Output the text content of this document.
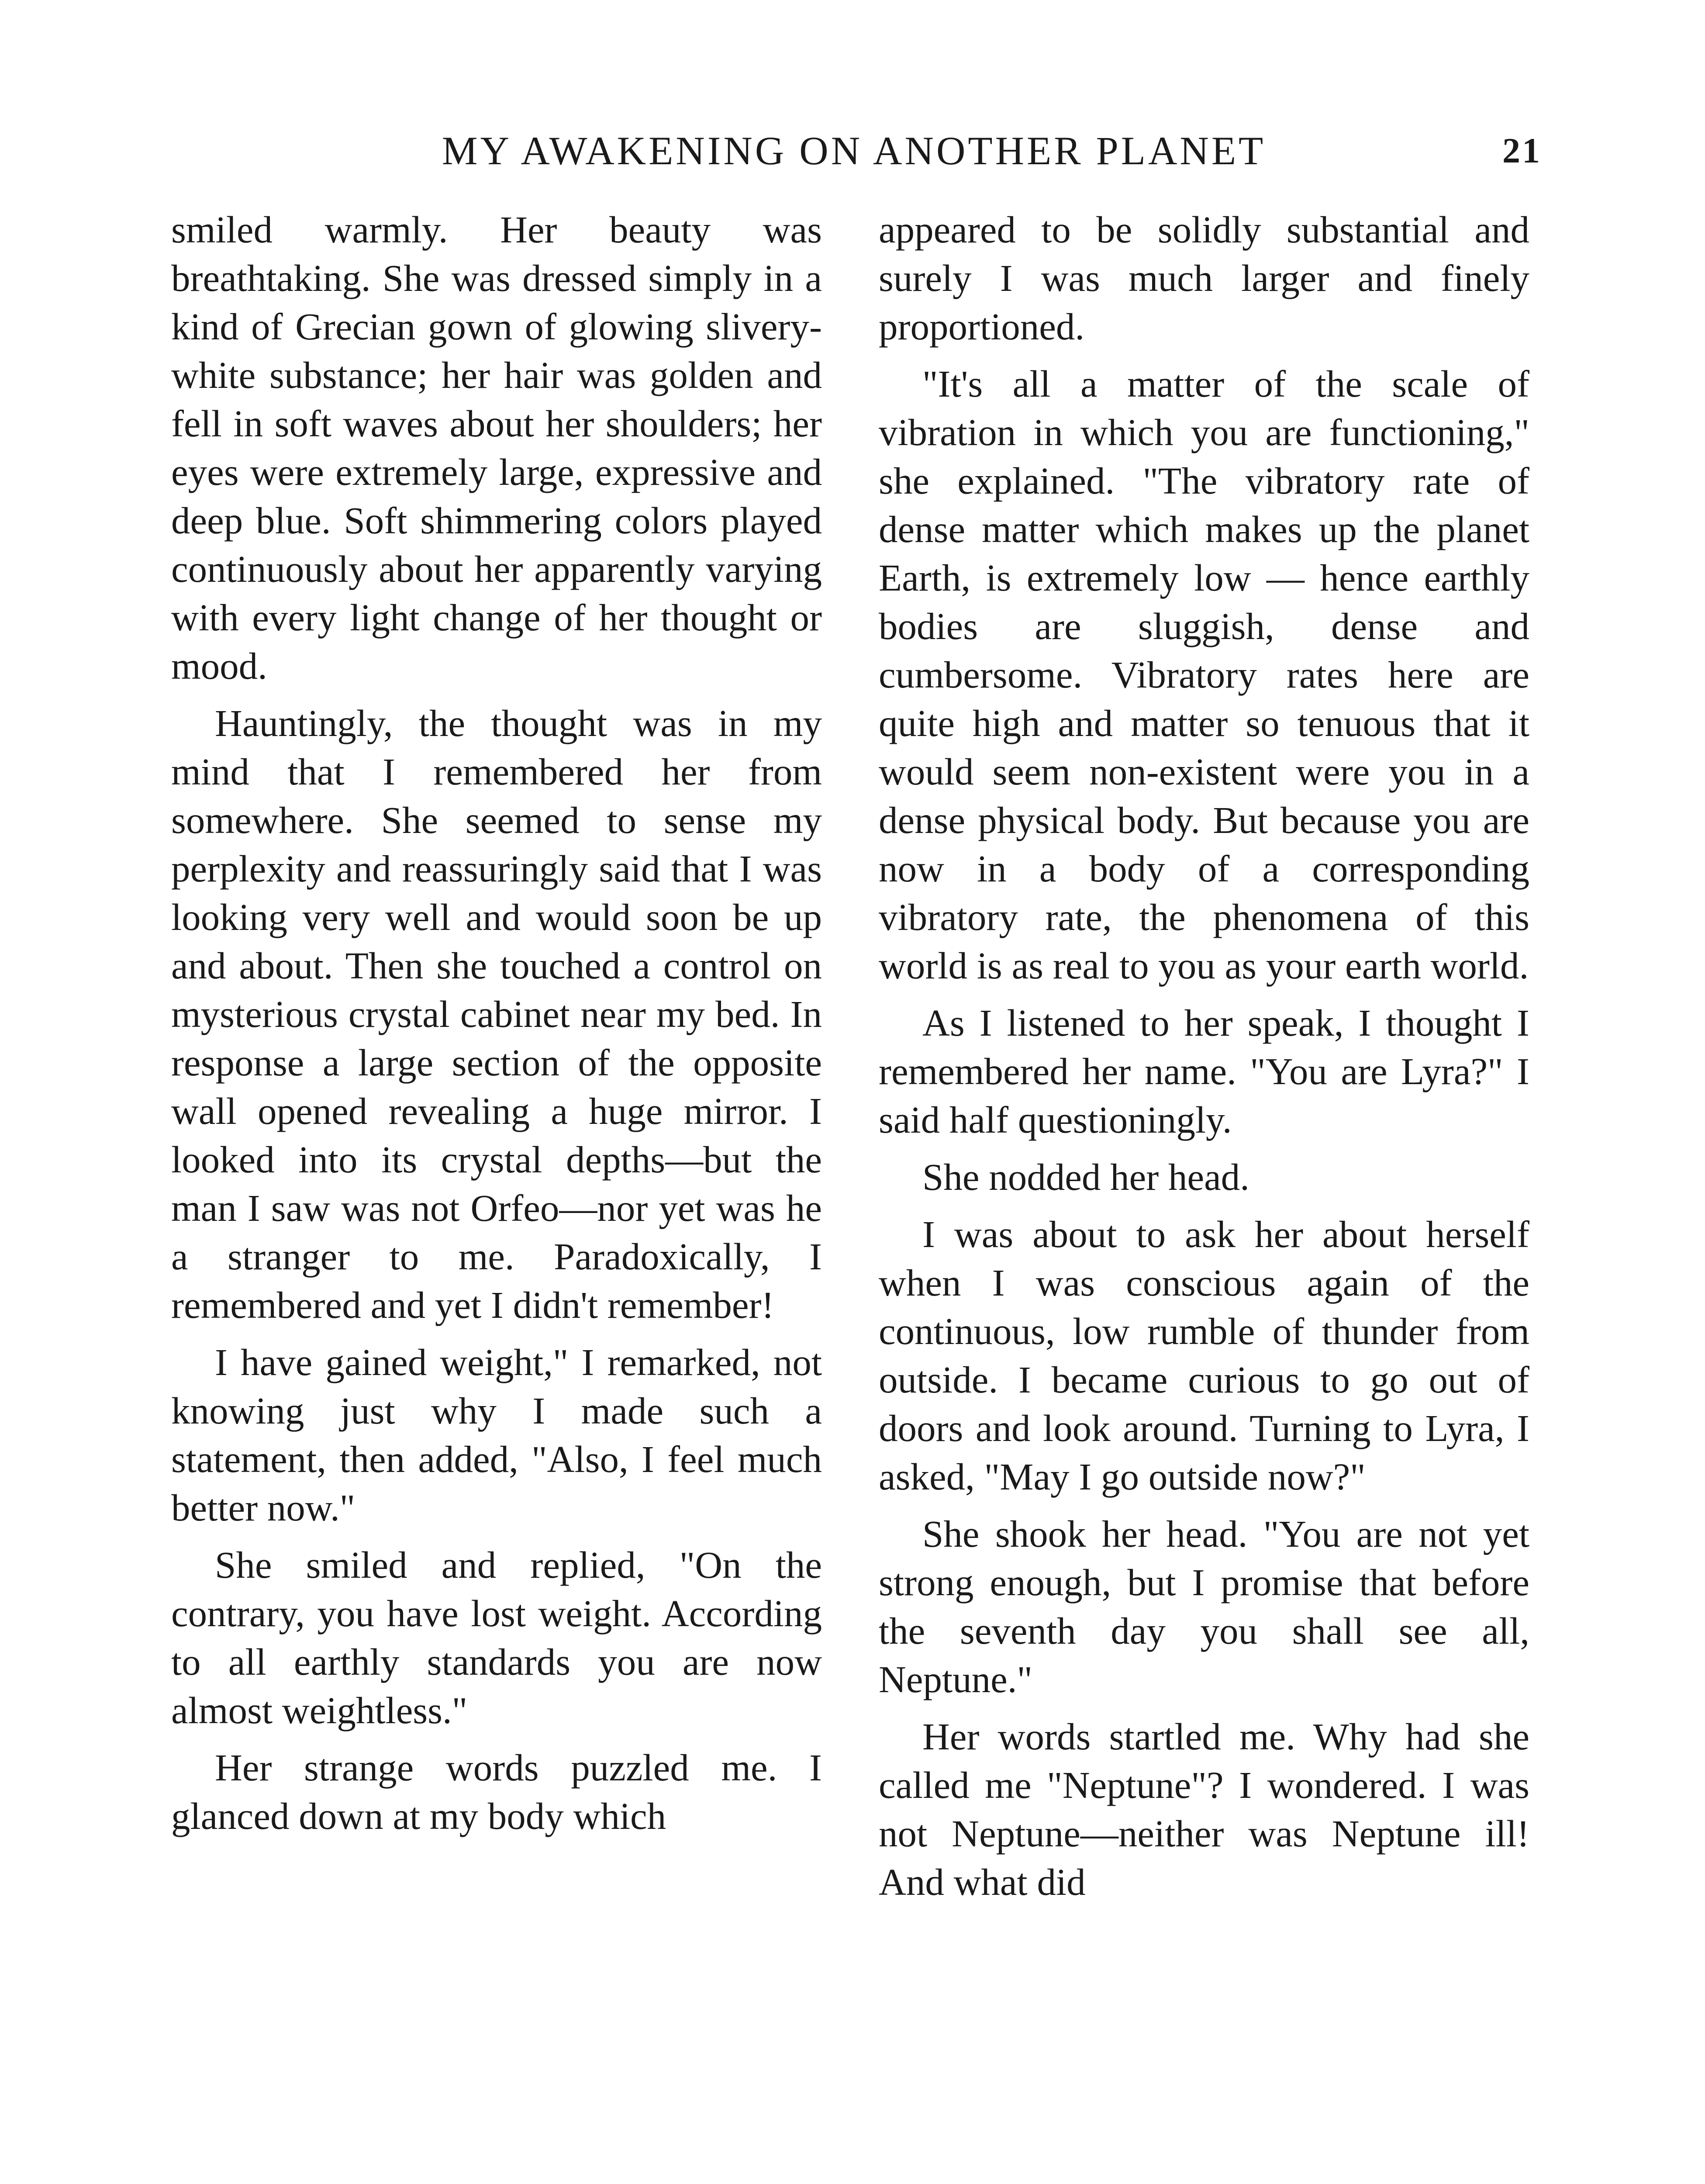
MY AWAKENING ON ANOTHER PLANET	21

smiled warmly. Her beauty was breathtaking. She was dressed simply in a kind of Grecian gown of glowing slivery-white substance; her hair was golden and fell in soft waves about her shoulders; her eyes were extremely large, expressive and deep blue. Soft shimmering colors played continuously about her apparently varying with every light change of her thought or mood.

Hauntingly, the thought was in my mind that I remembered her from somewhere. She seemed to sense my perplexity and reassuringly said that I was looking very well and would soon be up and about. Then she touched a control on mysterious crystal cabinet near my bed. In response a large section of the opposite wall opened revealing a huge mirror. I looked into its crystal depths—but the man I saw was not Orfeo—nor yet was he a stranger to me. Paradoxically, I remembered and yet I didn't remember!

I have gained weight," I remarked, not knowing just why I made such a statement, then added, "Also, I feel much better now."

She smiled and replied, "On the contrary, you have lost weight. According to all earthly standards you are now almost weightless."

Her strange words puzzled me. I glanced down at my body which

appeared to be solidly substantial and surely I was much larger and finely proportioned.

"It's all a matter of the scale of vibration in which you are functioning," she explained. "The vibratory rate of dense matter which makes up the planet Earth, is extremely low — hence earthly bodies are sluggish, dense and cumbersome. Vibratory rates here are quite high and matter so tenuous that it would seem non-existent were you in a dense physical body. But because you are now in a body of a corresponding vibratory rate, the phenomena of this world is as real to you as your earth world.

As I listened to her speak, I thought I remembered her name. "You are Lyra?" I said half questioningly.

She nodded her head.

I was about to ask her about herself when I was conscious again of the continuous, low rumble of thunder from outside. I became curious to go out of doors and look around. Turning to Lyra, I asked, "May I go outside now?"

She shook her head. "You are not yet strong enough, but I promise that before the seventh day you shall see all, Neptune."

Her words startled me. Why had she called me "Neptune"? I wondered. I was not Neptune—neither was Neptune ill! And what did
